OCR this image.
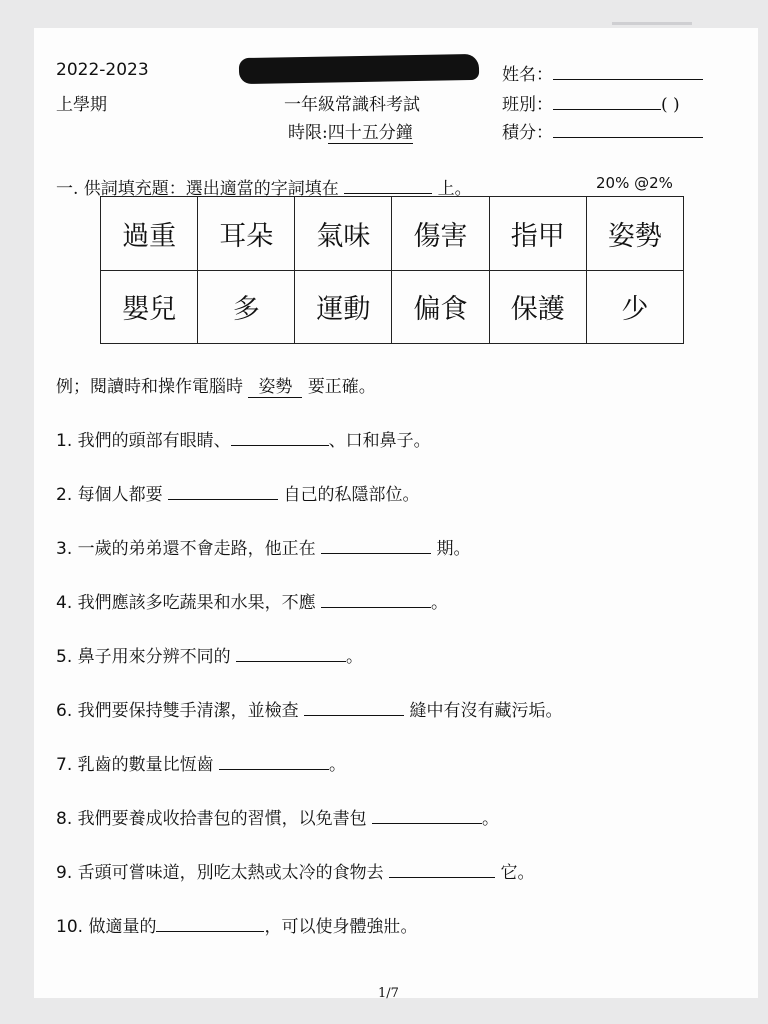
2022-2023
上學期	一年級常識科考試
時限:四十五分鐘
姓名：
班別：	( )
積分：
一. 供詞填充題：選出適當的字詞填在	上。	20% @2%
過重	耳朵	氣味	傷害	指甲	姿勢
嬰兒	多	運動	偏食	保護	少
例；閱讀時和操作電腦時 姿勢 要正確。
1. 我們的頭部有眼睛、	、口和鼻子。
2. 每個人都要	自己的私隱部位。
3. 一歲的弟弟還不會走路，他正在	期。
4. 我們應該多吃蔬果和水果，不應	。
5. 鼻子用來分辨不同的	。
6. 我們要保持雙手清潔，並檢查	縫中有沒有藏污垢。
7. 乳齒的數量比恆齒	。
8. 我們要養成收拾書包的習慣，以免書包	。
9. 舌頭可嘗味道，別吃太熱或太冷的食物去	它。
10. 做適量的	，可以使身體強壯。
1/7
